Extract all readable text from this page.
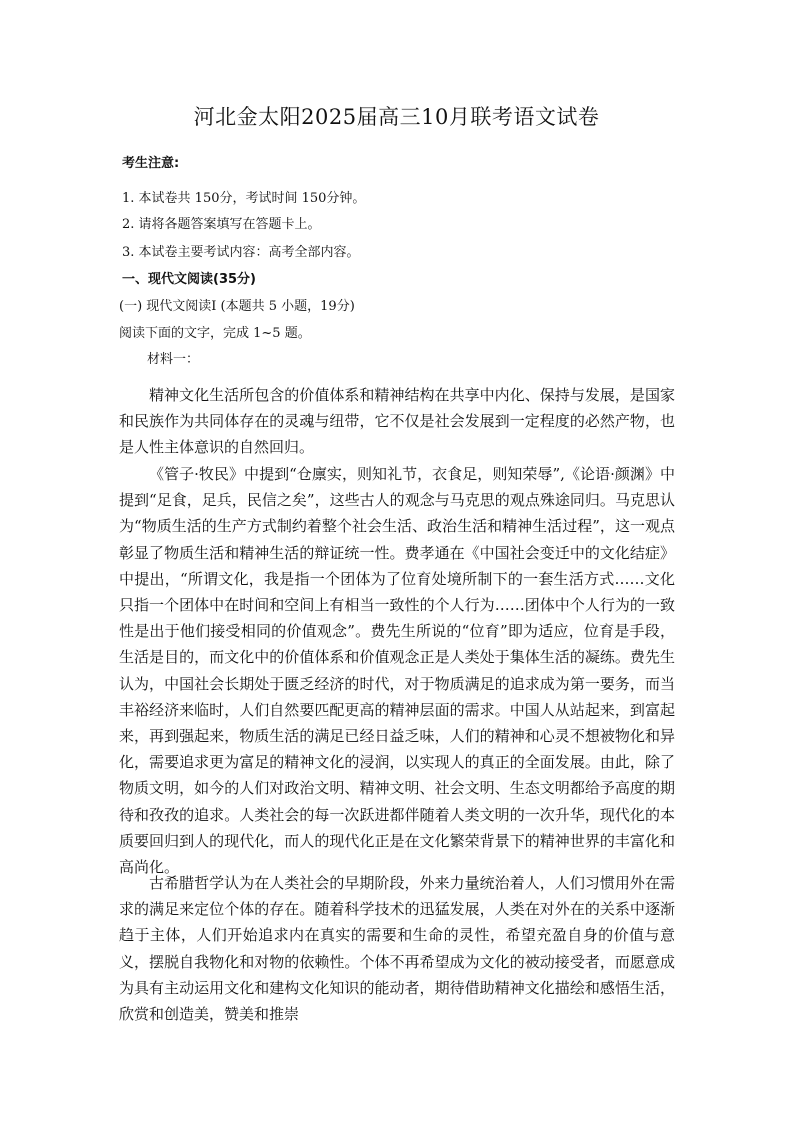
河北金太阳2025届高三10月联考语文试卷
考生注意:
1. 本试卷共 150分，考试时间 150分钟。
2. 请将各题答案填写在答题卡上。
3. 本试卷主要考试内容：高考全部内容。
一、现代文阅读(35分)
(一) 现代文阅读Ⅰ (本题共 5 小题，19分)
阅读下面的文字，完成 1~5 题。
材料一：
精神文化生活所包含的价值体系和精神结构在共享中内化、保持与发展，是国家和民族作为共同体存在的灵魂与纽带，它不仅是社会发展到一定程度的必然产物，也是人性主体意识的自然回归。
《管子·牧民》中提到“仓廪实，则知礼节，衣食足，则知荣辱”,《论语·颜渊》中提到“足食，足兵，民信之矣”，这些古人的观念与马克思的观点殊途同归。马克思认为“物质生活的生产方式制约着整个社会生活、政治生活和精神生活过程”，这一观点彰显了物质生活和精神生活的辩证统一性。费孝通在《中国社会变迁中的文化结症》中提出，“所谓文化，我是指一个团体为了位育处境所制下的一套生活方式……文化只指一个团体中在时间和空间上有相当一致性的个人行为……团体中个人行为的一致性是出于他们接受相同的价值观念”。费先生所说的“位育”即为适应，位育是手段，生活是目的，而文化中的价值体系和价值观念正是人类处于集体生活的凝练。费先生认为，中国社会长期处于匮乏经济的时代，对于物质满足的追求成为第一要务，而当丰裕经济来临时，人们自然要匹配更高的精神层面的需求。中国人从站起来，到富起来，再到强起来，物质生活的满足已经日益乏味，人们的精神和心灵不想被物化和异化，需要追求更为富足的精神文化的浸润，以实现人的真正的全面发展。由此，除了物质文明，如今的人们对政治文明、精神文明、社会文明、生态文明都给予高度的期待和孜孜的追求。人类社会的每一次跃进都伴随着人类文明的一次升华，现代化的本质要回归到人的现代化，而人的现代化正是在文化繁荣背景下的精神世界的丰富化和高尚化。
古希腊哲学认为在人类社会的早期阶段，外来力量统治着人，人们习惯用外在需求的满足来定位个体的存在。随着科学技术的迅猛发展，人类在对外在的关系中逐渐趋于主体，人们开始追求内在真实的需要和生命的灵性，希望充盈自身的价值与意义，摆脱自我物化和对物的依赖性。个体不再希望成为文化的被动接受者，而愿意成为具有主动运用文化和建构文化知识的能动者，期待借助精神文化描绘和感悟生活，欣赏和创造美，赞美和推崇
